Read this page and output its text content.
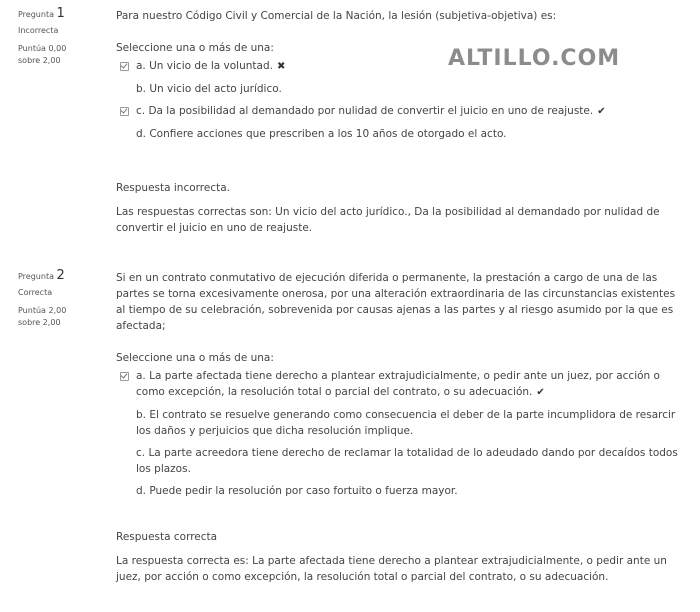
ALTILLO.COM
Pregunta 1
Incorrecta
Puntúa 0,00 sobre 2,00

Para nuestro Código Civil y Comercial de la Nación, la lesión (subjetiva-objetiva) es:

Seleccione una o más de una:

a. Un vicio de la voluntad. ✖
b. Un vicio del acto jurídico.
c. Da la posibilidad al demandado por nulidad de convertir el juicio en uno de reajuste. ✔
d. Confiere acciones que prescriben a los 10 años de otorgado el acto.

Respuesta incorrecta.

Las respuestas correctas son: Un vicio del acto jurídico., Da la posibilidad al demandado por nulidad de convertir el juicio en uno de reajuste.

Pregunta 2
Correcta
Puntúa 2,00 sobre 2,00

Si en un contrato conmutativo de ejecución diferida o permanente, la prestación a cargo de una de las partes se torna excesivamente onerosa, por una alteración extraordinaria de las circunstancias existentes al tiempo de su celebración, sobrevenida por causas ajenas a las partes y al riesgo asumido por la que es afectada;

Seleccione una o más de una:

a. La parte afectada tiene derecho a plantear extrajudicialmente, o pedir ante un juez, por acción o como excepción, la resolución total o parcial del contrato, o su adecuación. ✔
b. El contrato se resuelve generando como consecuencia el deber de la parte incumplidora de resarcir los daños y perjuicios que dicha resolución implique.
c. La parte acreedora tiene derecho de reclamar la totalidad de lo adeudado dando por decaídos todos los plazos.
d. Puede pedir la resolución por caso fortuito o fuerza mayor.

Respuesta correcta

La respuesta correcta es: La parte afectada tiene derecho a plantear extrajudicialmente, o pedir ante un juez, por acción o como excepción, la resolución total o parcial del contrato, o su adecuación.
